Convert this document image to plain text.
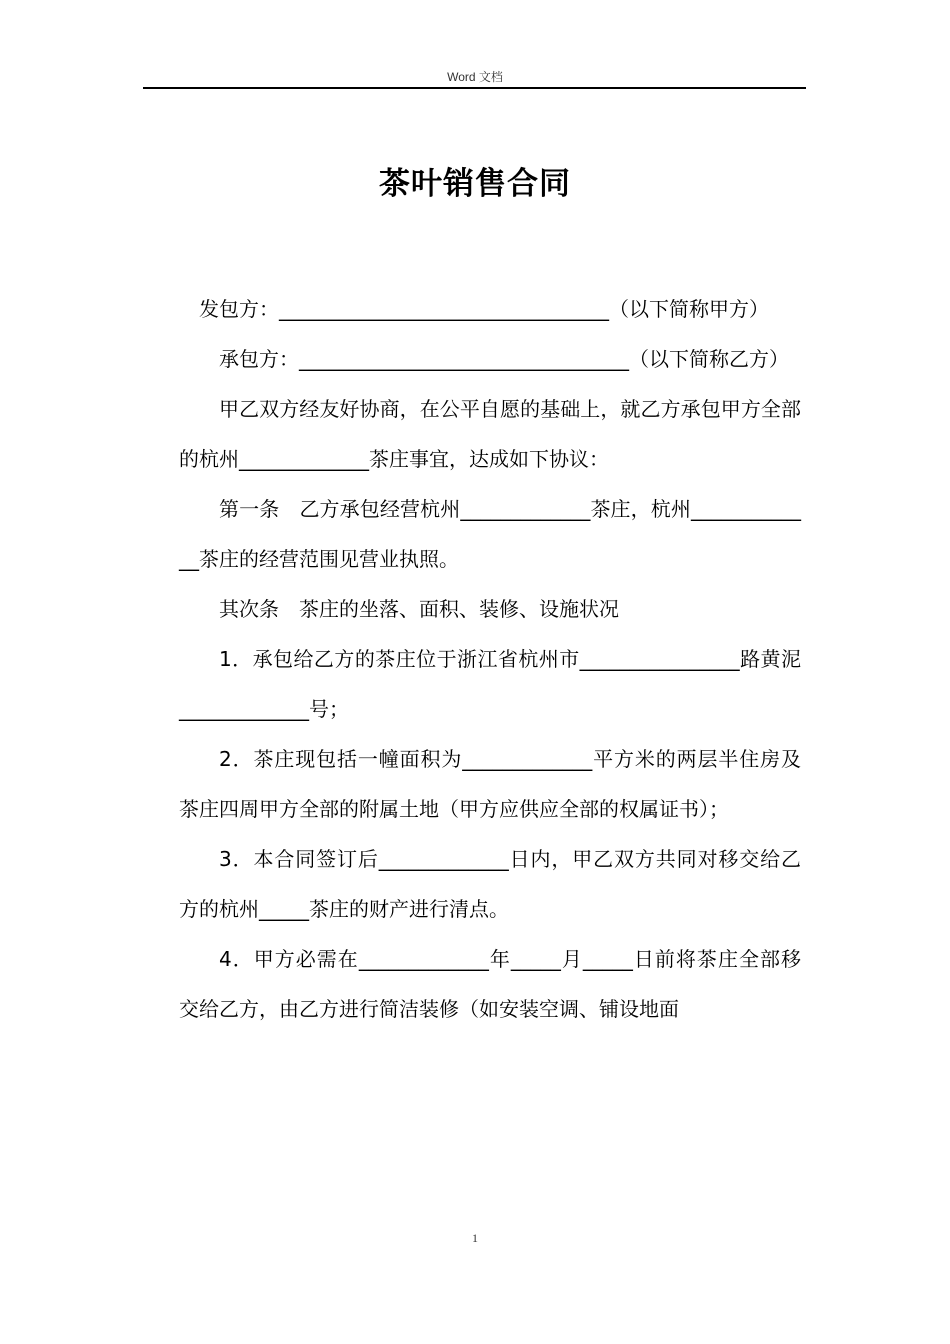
Word 文档
茶叶销售合同

发包方：_________________________________（以下简称甲方）

承包方：_________________________________（以下简称乙方）

甲乙双方经友好协商，在公平自愿的基础上，就乙方承包甲方全部的杭州_____________茶庄事宜，达成如下协议：

第一条　乙方承包经营杭州_____________茶庄，杭州_____________茶庄的经营范围见营业执照。

其次条　茶庄的坐落、面积、装修、设施状况

1．承包给乙方的茶庄位于浙江省杭州市________________路黄泥_____________号；

2．茶庄现包括一幢面积为_____________平方米的两层半住房及茶庄四周甲方全部的附属土地（甲方应供应全部的权属证书）；

3．本合同签订后_____________日内，甲乙双方共同对移交给乙方的杭州_____茶庄的财产进行清点。

4．甲方必需在_____________年_____月_____日前将茶庄全部移交给乙方，由乙方进行简洁装修（如安装空调、铺设地面

1
